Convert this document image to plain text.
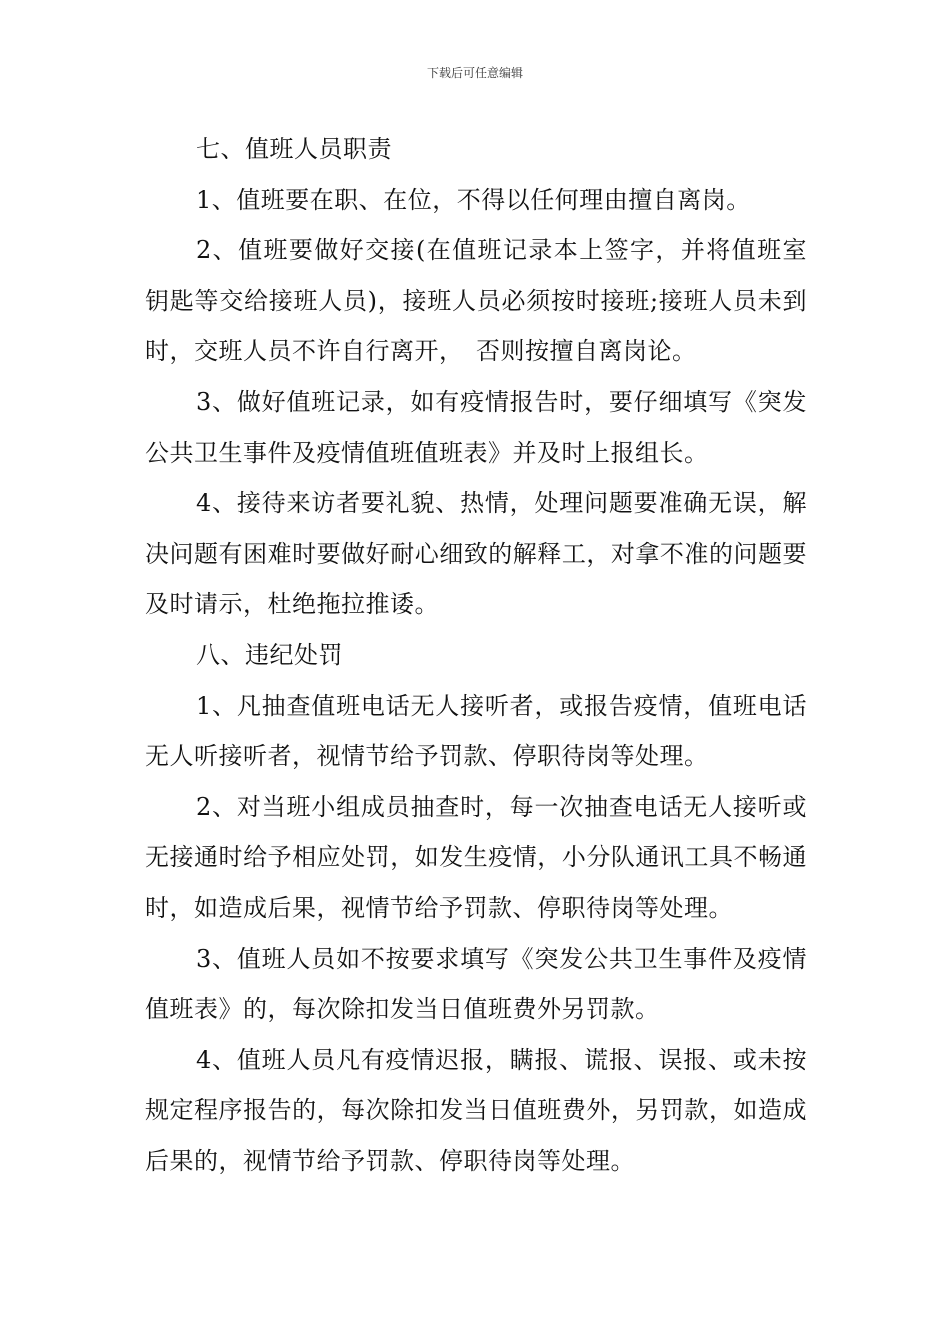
下载后可任意编辑

七、值班人员职责

1、值班要在职、在位，不得以任何理由擅自离岗。

2、值班要做好交接(在值班记录本上签字，并将值班室钥匙等交给接班人员)，接班人员必须按时接班;接班人员未到时，交班人员不许自行离开，　否则按擅自离岗论。

3、做好值班记录，如有疫情报告时，要仔细填写《突发公共卫生事件及疫情值班值班表》并及时上报组长。

4、接待来访者要礼貌、热情，处理问题要准确无误，解决问题有困难时要做好耐心细致的解释工，对拿不准的问题要及时请示，杜绝拖拉推诿。

八、违纪处罚

1、凡抽查值班电话无人接听者，或报告疫情，值班电话无人听接听者，视情节给予罚款、停职待岗等处理。

2、对当班小组成员抽查时，每一次抽查电话无人接听或无接通时给予相应处罚，如发生疫情，小分队通讯工具不畅通时，如造成后果，视情节给予罚款、停职待岗等处理。

3、值班人员如不按要求填写《突发公共卫生事件及疫情值班表》的，每次除扣发当日值班费外另罚款。

4、值班人员凡有疫情迟报，瞒报、谎报、误报、或未按规定程序报告的，每次除扣发当日值班费外，另罚款，如造成后果的，视情节给予罚款、停职待岗等处理。
